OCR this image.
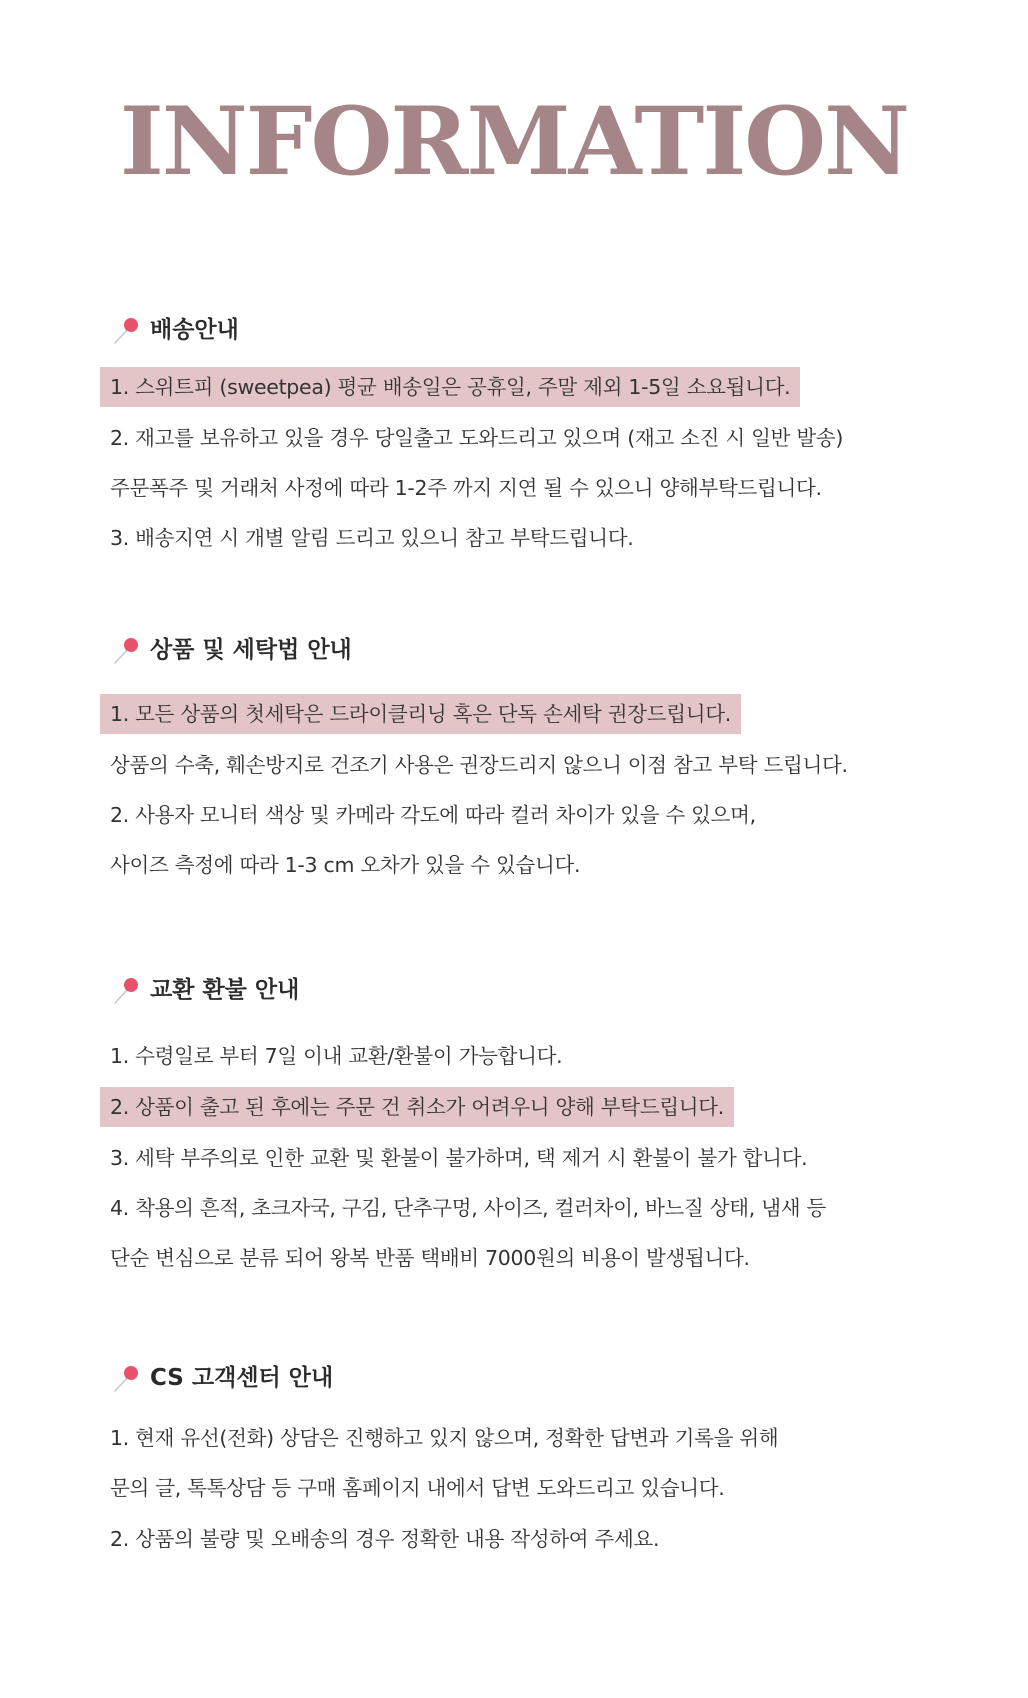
INFORMATION
배송안내
1. 스위트피 (sweetpea) 평균 배송일은 공휴일, 주말 제외 1-5일 소요됩니다.
2. 재고를 보유하고 있을 경우 당일출고 도와드리고 있으며 (재고 소진 시 일반 발송)
주문폭주 및 거래처 사정에 따라 1-2주 까지 지연 될 수 있으니 양해부탁드립니다.
3. 배송지연 시 개별 알림 드리고 있으니 참고 부탁드립니다.
상품 및 세탁법 안내
1. 모든 상품의 첫세탁은 드라이클리닝 혹은 단독 손세탁 권장드립니다.
상품의 수축, 훼손방지로 건조기 사용은 권장드리지 않으니 이점 참고 부탁 드립니다.
2. 사용자 모니터 색상 및 카메라 각도에 따라 컬러 차이가 있을 수 있으며,
사이즈 측정에 따라 1-3 cm 오차가 있을 수 있습니다.
교환 환불 안내
1. 수령일로 부터 7일 이내 교환/환불이 가능합니다.
2. 상품이 출고 된 후에는 주문 건 취소가 어려우니 양해 부탁드립니다.
3. 세탁 부주의로 인한 교환 및 환불이 불가하며, 택 제거 시 환불이 불가 합니다.
4. 착용의 흔적, 초크자국, 구김, 단추구멍, 사이즈, 컬러차이, 바느질 상태, 냄새 등
단순 변심으로 분류 되어 왕복 반품 택배비 7000원의 비용이 발생됩니다.
CS 고객센터 안내
1. 현재 유선(전화) 상담은 진행하고 있지 않으며, 정확한 답변과 기록을 위해
문의 글, 톡톡상담 등 구매 홈페이지 내에서 답변 도와드리고 있습니다.
2. 상품의 불량 및 오배송의 경우 정확한 내용 작성하여 주세요.
